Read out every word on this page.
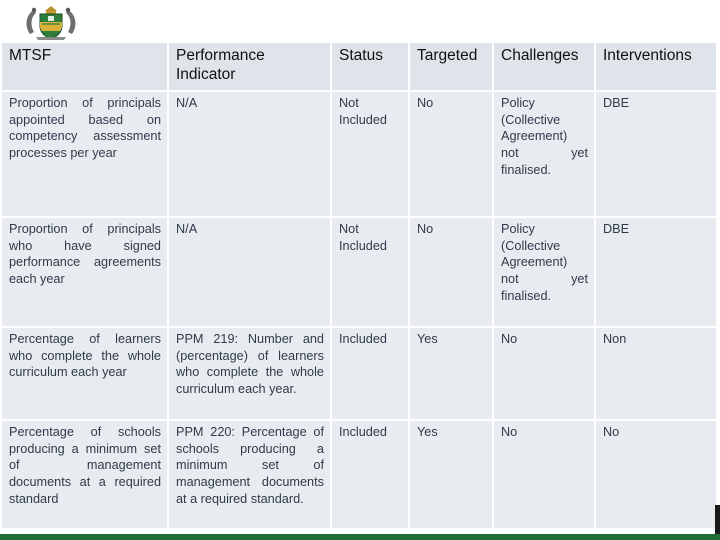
MTSF	Performance Indicator	Status	Targeted	Challenges	Interventions
Proportion of principals appointed based on competency assessment processes per year	N/A	Not Included	No	Policy (Collective Agreement) not yet finalised.	DBE
Proportion of principals who have signed performance agreements each year	N/A	Not Included	No	Policy (Collective Agreement) not yet finalised.	DBE
Percentage of learners who complete the whole curriculum each year	PPM 219: Number and (percentage) of learners who complete the whole curriculum each year.	Included	Yes	No	Non
Percentage of schools producing a minimum set of management documents at a required standard	PPM 220: Percentage of schools producing a minimum set of management documents at a required standard.	Included	Yes	No	No
